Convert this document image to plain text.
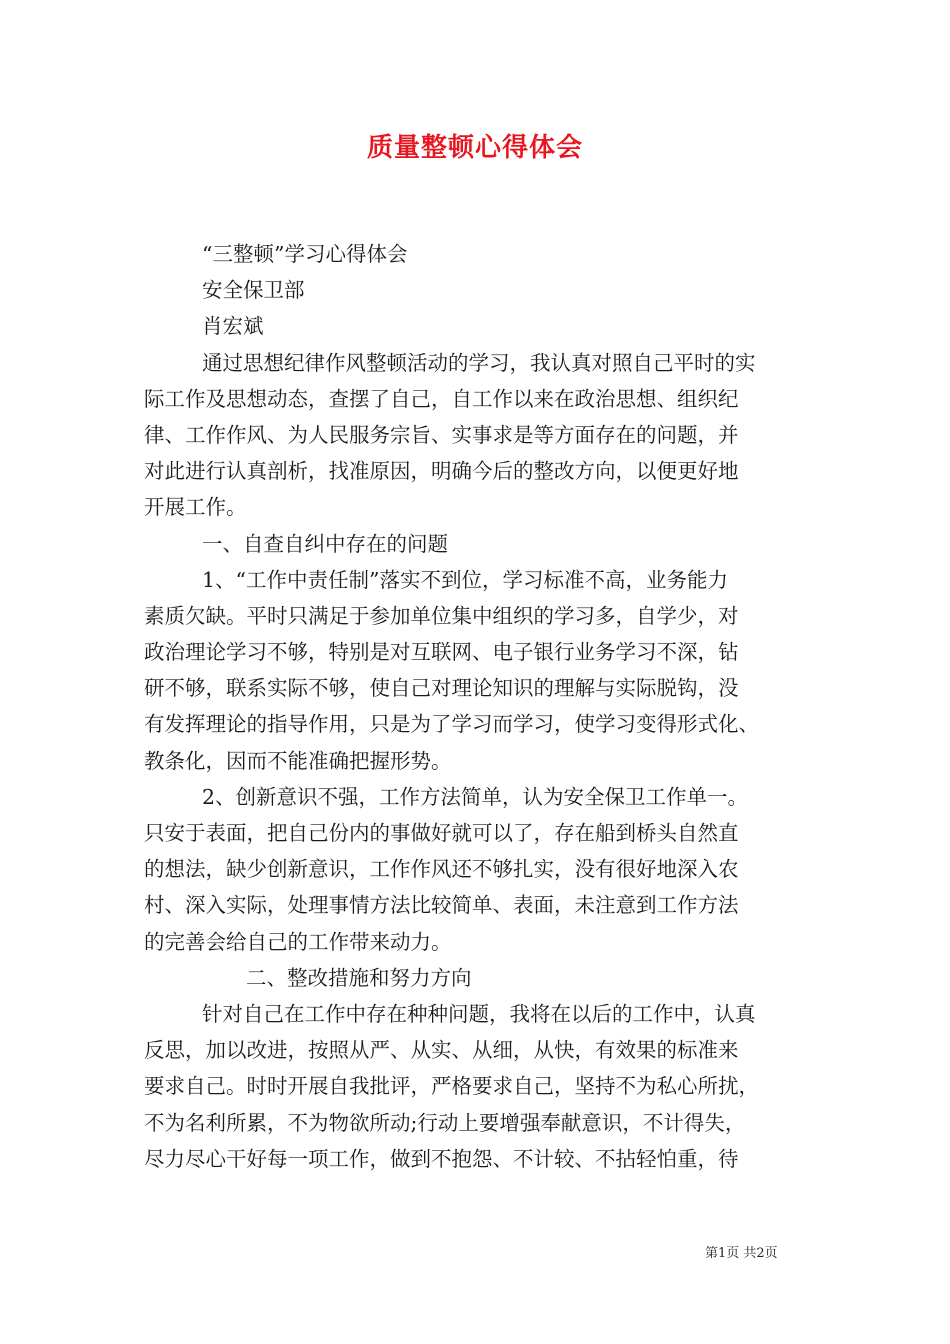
质量整顿心得体会
“三整顿”学习心得体会
安全保卫部
肖宏斌
通过思想纪律作风整顿活动的学习，我认真对照自己平时的实
际工作及思想动态，查摆了自己，自工作以来在政治思想、组织纪
律、工作作风、为人民服务宗旨、实事求是等方面存在的问题，并
对此进行认真剖析，找准原因，明确今后的整改方向，以便更好地
开展工作。
一、自查自纠中存在的问题
1、“工作中责任制”落实不到位，学习标准不高，业务能力
素质欠缺。平时只满足于参加单位集中组织的学习多，自学少，对
政治理论学习不够，特别是对互联网、电子银行业务学习不深，钻
研不够，联系实际不够，使自己对理论知识的理解与实际脱钩，没
有发挥理论的指导作用，只是为了学习而学习，使学习变得形式化、
教条化，因而不能准确把握形势。
2、创新意识不强，工作方法简单，认为安全保卫工作单一。
只安于表面，把自己份内的事做好就可以了，存在船到桥头自然直
的想法，缺少创新意识，工作作风还不够扎实，没有很好地深入农
村、深入实际，处理事情方法比较简单、表面，未注意到工作方法
的完善会给自己的工作带来动力。
二、整改措施和努力方向
针对自己在工作中存在种种问题，我将在以后的工作中，认真
反思，加以改进，按照从严、从实、从细，从快，有效果的标准来
要求自己。时时开展自我批评，严格要求自己，坚持不为私心所扰，
不为名利所累，不为物欲所动;行动上要增强奉献意识，不计得失，
尽力尽心干好每一项工作，做到不抱怨、不计较、不拈轻怕重，待
第1页 共2页
